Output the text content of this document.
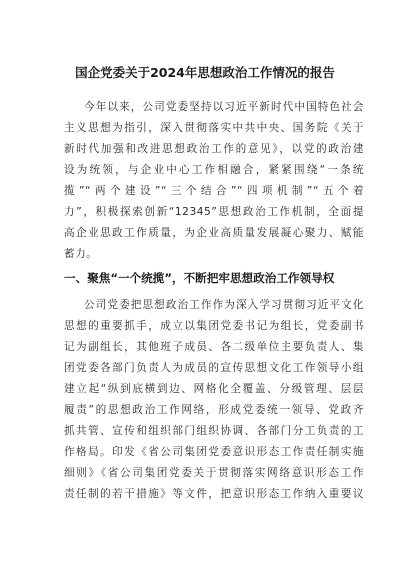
国企党委关于2024年思想政治工作情况的报告
今年以来，公司党委坚持以习近平新时代中国特色社会
主义思想为指引，深入贯彻落实中共中央、国务院《关于
新时代加强和改进思想政治工作的意见》，以党的政治建
设为统领，与企业中心工作相融合，紧紧围绕“一条统
揽”“两个建设”“三个结合”“四项机制”“五个着
力”，积极探索创新“12345”思想政治工作机制，全面提
高企业思政工作质量，为企业高质量发展凝心聚力、赋能
蓄力。
一、聚焦“一个统揽”，不断把牢思想政治工作领导权
公司党委把思想政治工作作为深入学习贯彻习近平文化
思想的重要抓手，成立以集团党委书记为组长，党委副书
记为副组长，其他班子成员、各二级单位主要负责人、集
团党委各部门负责人为成员的宣传思想文化工作领导小组
建立起“纵到底横到边、网格化全覆盖、分级管理、层层
履责”的思想政治工作网络，形成党委统一领导、党政齐
抓共管、宣传和组织部门组织协调、各部门分工负责的工
作格局。印发《省公司集团党委意识形态工作责任制实施
细则》《省公司集团党委关于贯彻落实网络意识形态工作
责任制的若干措施》等文件，把意识形态工作纳入重要议
